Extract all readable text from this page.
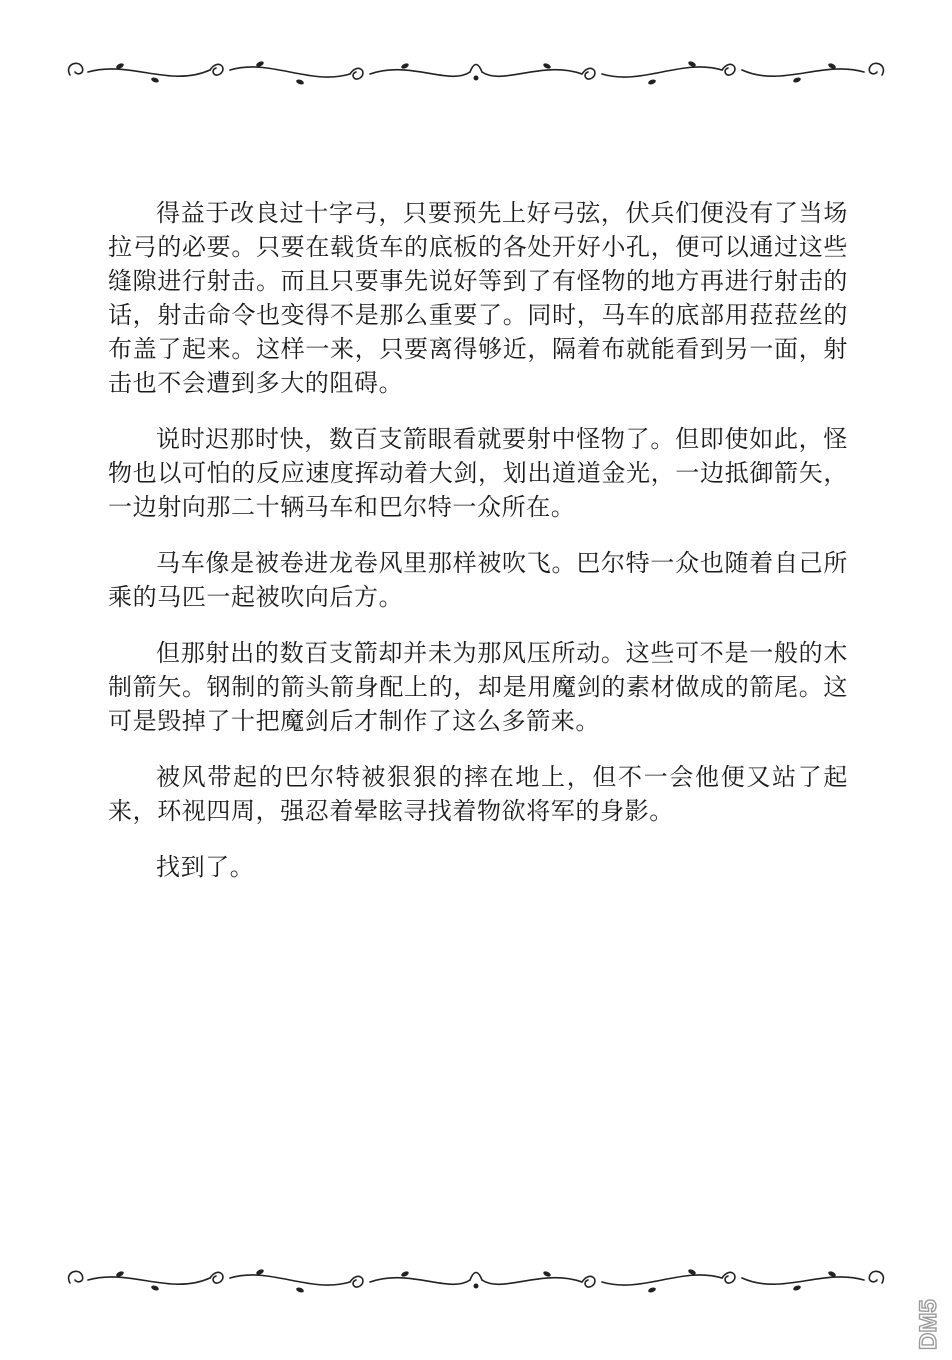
得益于改良过十字弓，只要预先上好弓弦，伏兵们便没有了当场拉弓的必要。只要在载货车的底板的各处开好小孔，便可以通过这些缝隙进行射击。而且只要事先说好等到了有怪物的地方再进行射击的话，射击命令也变得不是那么重要了。同时，马车的底部用菈菈丝的布盖了起来。这样一来，只要离得够近，隔着布就能看到另一面，射击也不会遭到多大的阻碍。

说时迟那时快，数百支箭眼看就要射中怪物了。但即使如此，怪物也以可怕的反应速度挥动着大剑，划出道道金光，一边抵御箭矢，一边射向那二十辆马车和巴尔特一众所在。

马车像是被卷进龙卷风里那样被吹飞。巴尔特一众也随着自己所乘的马匹一起被吹向后方。

但那射出的数百支箭却并未为那风压所动。这些可不是一般的木制箭矢。钢制的箭头箭身配上的，却是用魔剑的素材做成的箭尾。这可是毁掉了十把魔剑后才制作了这么多箭来。

被风带起的巴尔特被狠狠的摔在地上，但不一会他便又站了起来，环视四周，强忍着晕眩寻找着物欲将军的身影。

找到了。

DM5
